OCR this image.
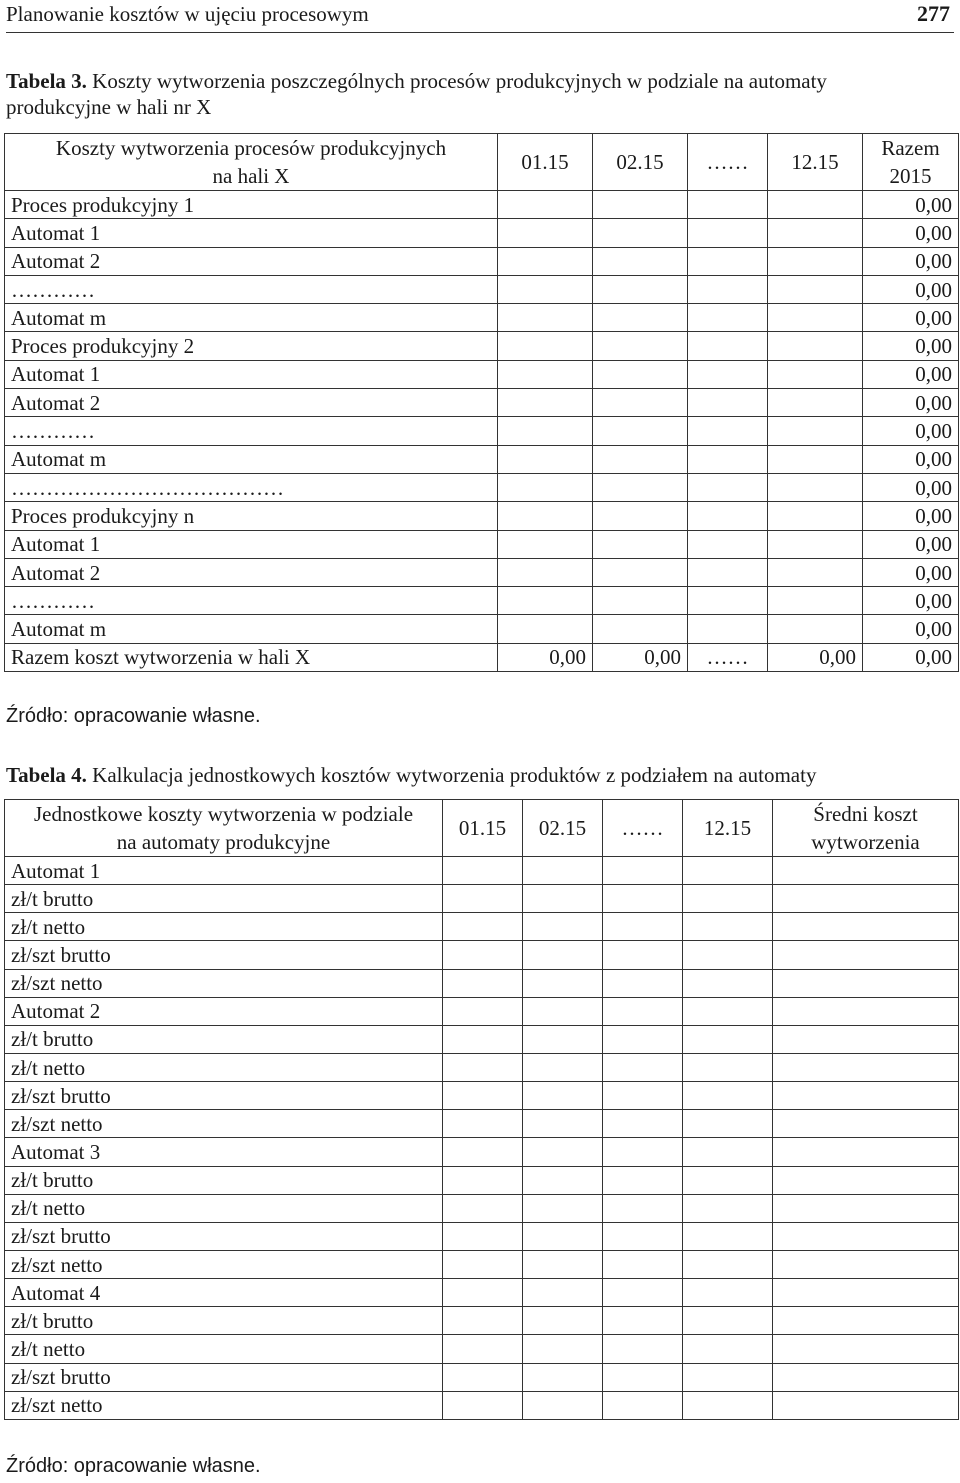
Planowanie kosztów w ujęciu procesowym	277
Tabela 3. Koszty wytworzenia poszczególnych procesów produkcyjnych w podziale na automaty produkcyjne w hali nr X
Koszty wytworzenia procesów produkcyjnych
na hali X	01.15	02.15	……	12.15	Razem
2015
Proces produkcyjny 1					0,00
Automat 1					0,00
Automat 2					0,00
…………					0,00
Automat m					0,00
Proces produkcyjny 2					0,00
Automat 1					0,00
Automat 2					0,00
…………					0,00
Automat m					0,00
…………………………………					0,00
Proces produkcyjny n					0,00
Automat 1					0,00
Automat 2					0,00
…………					0,00
Automat m					0,00
Razem koszt wytworzenia w hali X	0,00	0,00	……	0,00	0,00
Źródło: opracowanie własne.
Tabela 4. Kalkulacja jednostkowych kosztów wytworzenia produktów z podziałem na automaty
Jednostkowe koszty wytworzenia w podziale
na automaty produkcyjne	01.15	02.15	……	12.15	Średni koszt
wytworzenia
Automat 1					
zł/t brutto					
zł/t netto					
zł/szt brutto					
zł/szt netto					
Automat 2					
zł/t brutto					
zł/t netto					
zł/szt brutto					
zł/szt netto					
Automat 3					
zł/t brutto					
zł/t netto					
zł/szt brutto					
zł/szt netto					
Automat 4					
zł/t brutto					
zł/t netto					
zł/szt brutto					
zł/szt netto					
Źródło: opracowanie własne.
